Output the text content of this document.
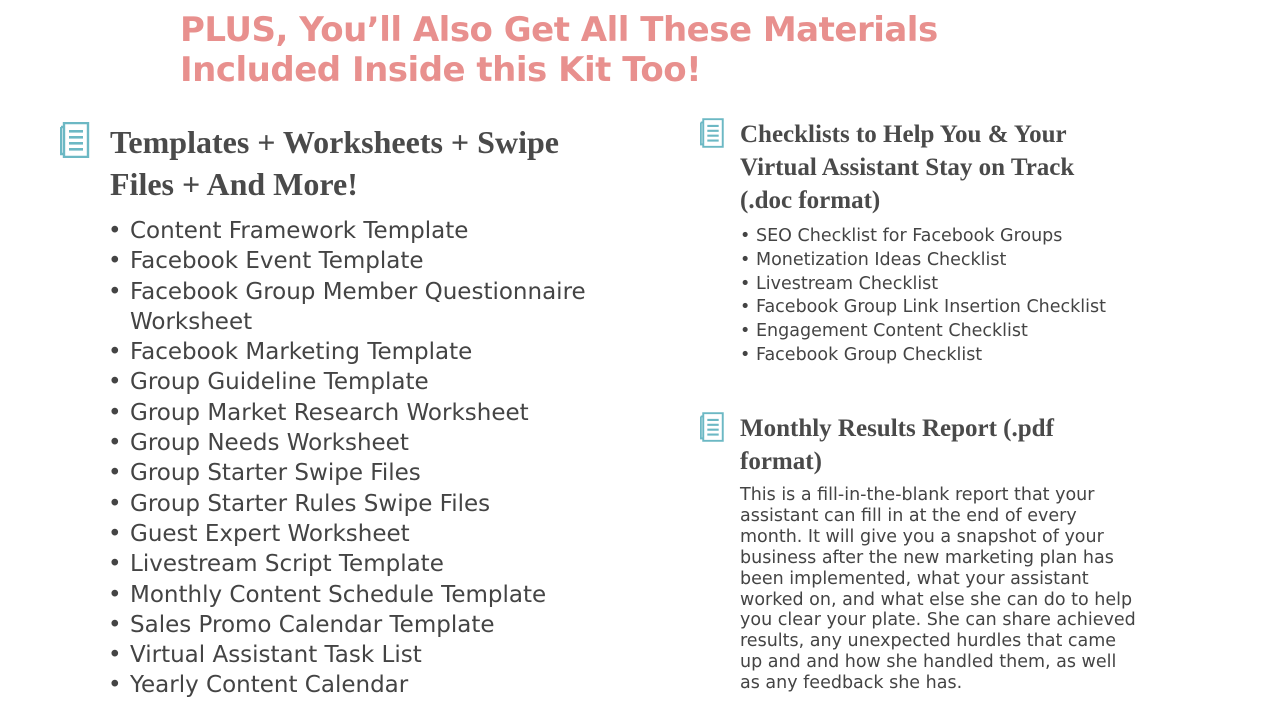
PLUS, You’ll Also Get All These Materials Included Inside this Kit Too!
Templates + Worksheets + Swipe Files + And More!
• Content Framework Template
• Facebook Event Template
• Facebook Group Member Questionnaire Worksheet
• Facebook Marketing Template
• Group Guideline Template
• Group Market Research Worksheet
• Group Needs Worksheet
• Group Starter Swipe Files
• Group Starter Rules Swipe Files
• Guest Expert Worksheet
• Livestream Script Template
• Monthly Content Schedule Template
• Sales Promo Calendar Template
• Virtual Assistant Task List
• Yearly Content Calendar
Checklists to Help You & Your Virtual Assistant Stay on Track (.doc format)
• SEO Checklist for Facebook Groups
• Monetization Ideas Checklist
• Livestream Checklist
• Facebook Group Link Insertion Checklist
• Engagement Content Checklist
• Facebook Group Checklist
Monthly Results Report (.pdf format)

This is a fill-in-the-blank report that your assistant can fill in at the end of every month. It will give you a snapshot of your business after the new marketing plan has been implemented, what your assistant worked on, and what else she can do to help you clear your plate. She can share achieved results, any unexpected hurdles that came up and and how she handled them, as well as any feedback she has.
